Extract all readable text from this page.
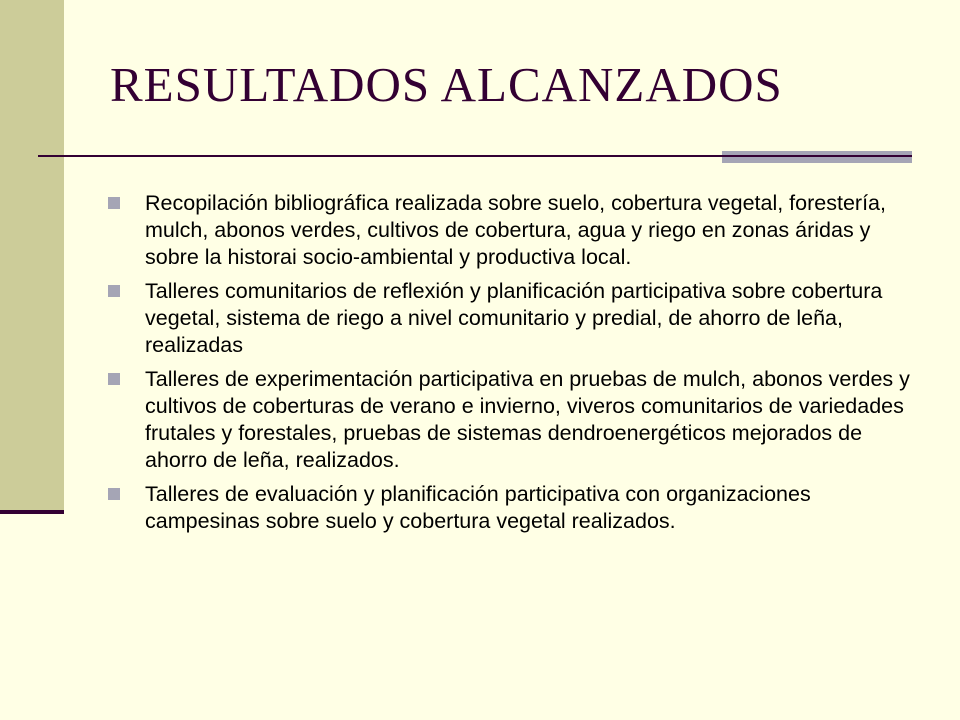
RESULTADOS ALCANZADOS
Recopilación bibliográfica realizada sobre suelo, cobertura vegetal, forestería, mulch, abonos verdes, cultivos de cobertura, agua y riego en zonas áridas y sobre la historai socio-ambiental y productiva local.
Talleres comunitarios de reflexión y planificación participativa sobre cobertura vegetal, sistema de riego a nivel comunitario y predial, de ahorro de leña, realizadas
Talleres de experimentación participativa en pruebas de mulch, abonos verdes y cultivos de coberturas de verano e invierno, viveros comunitarios de variedades frutales y forestales, pruebas de sistemas dendroenergéticos mejorados de ahorro de leña, realizados.
Talleres de evaluación y planificación participativa con organizaciones campesinas sobre suelo y cobertura vegetal realizados.
